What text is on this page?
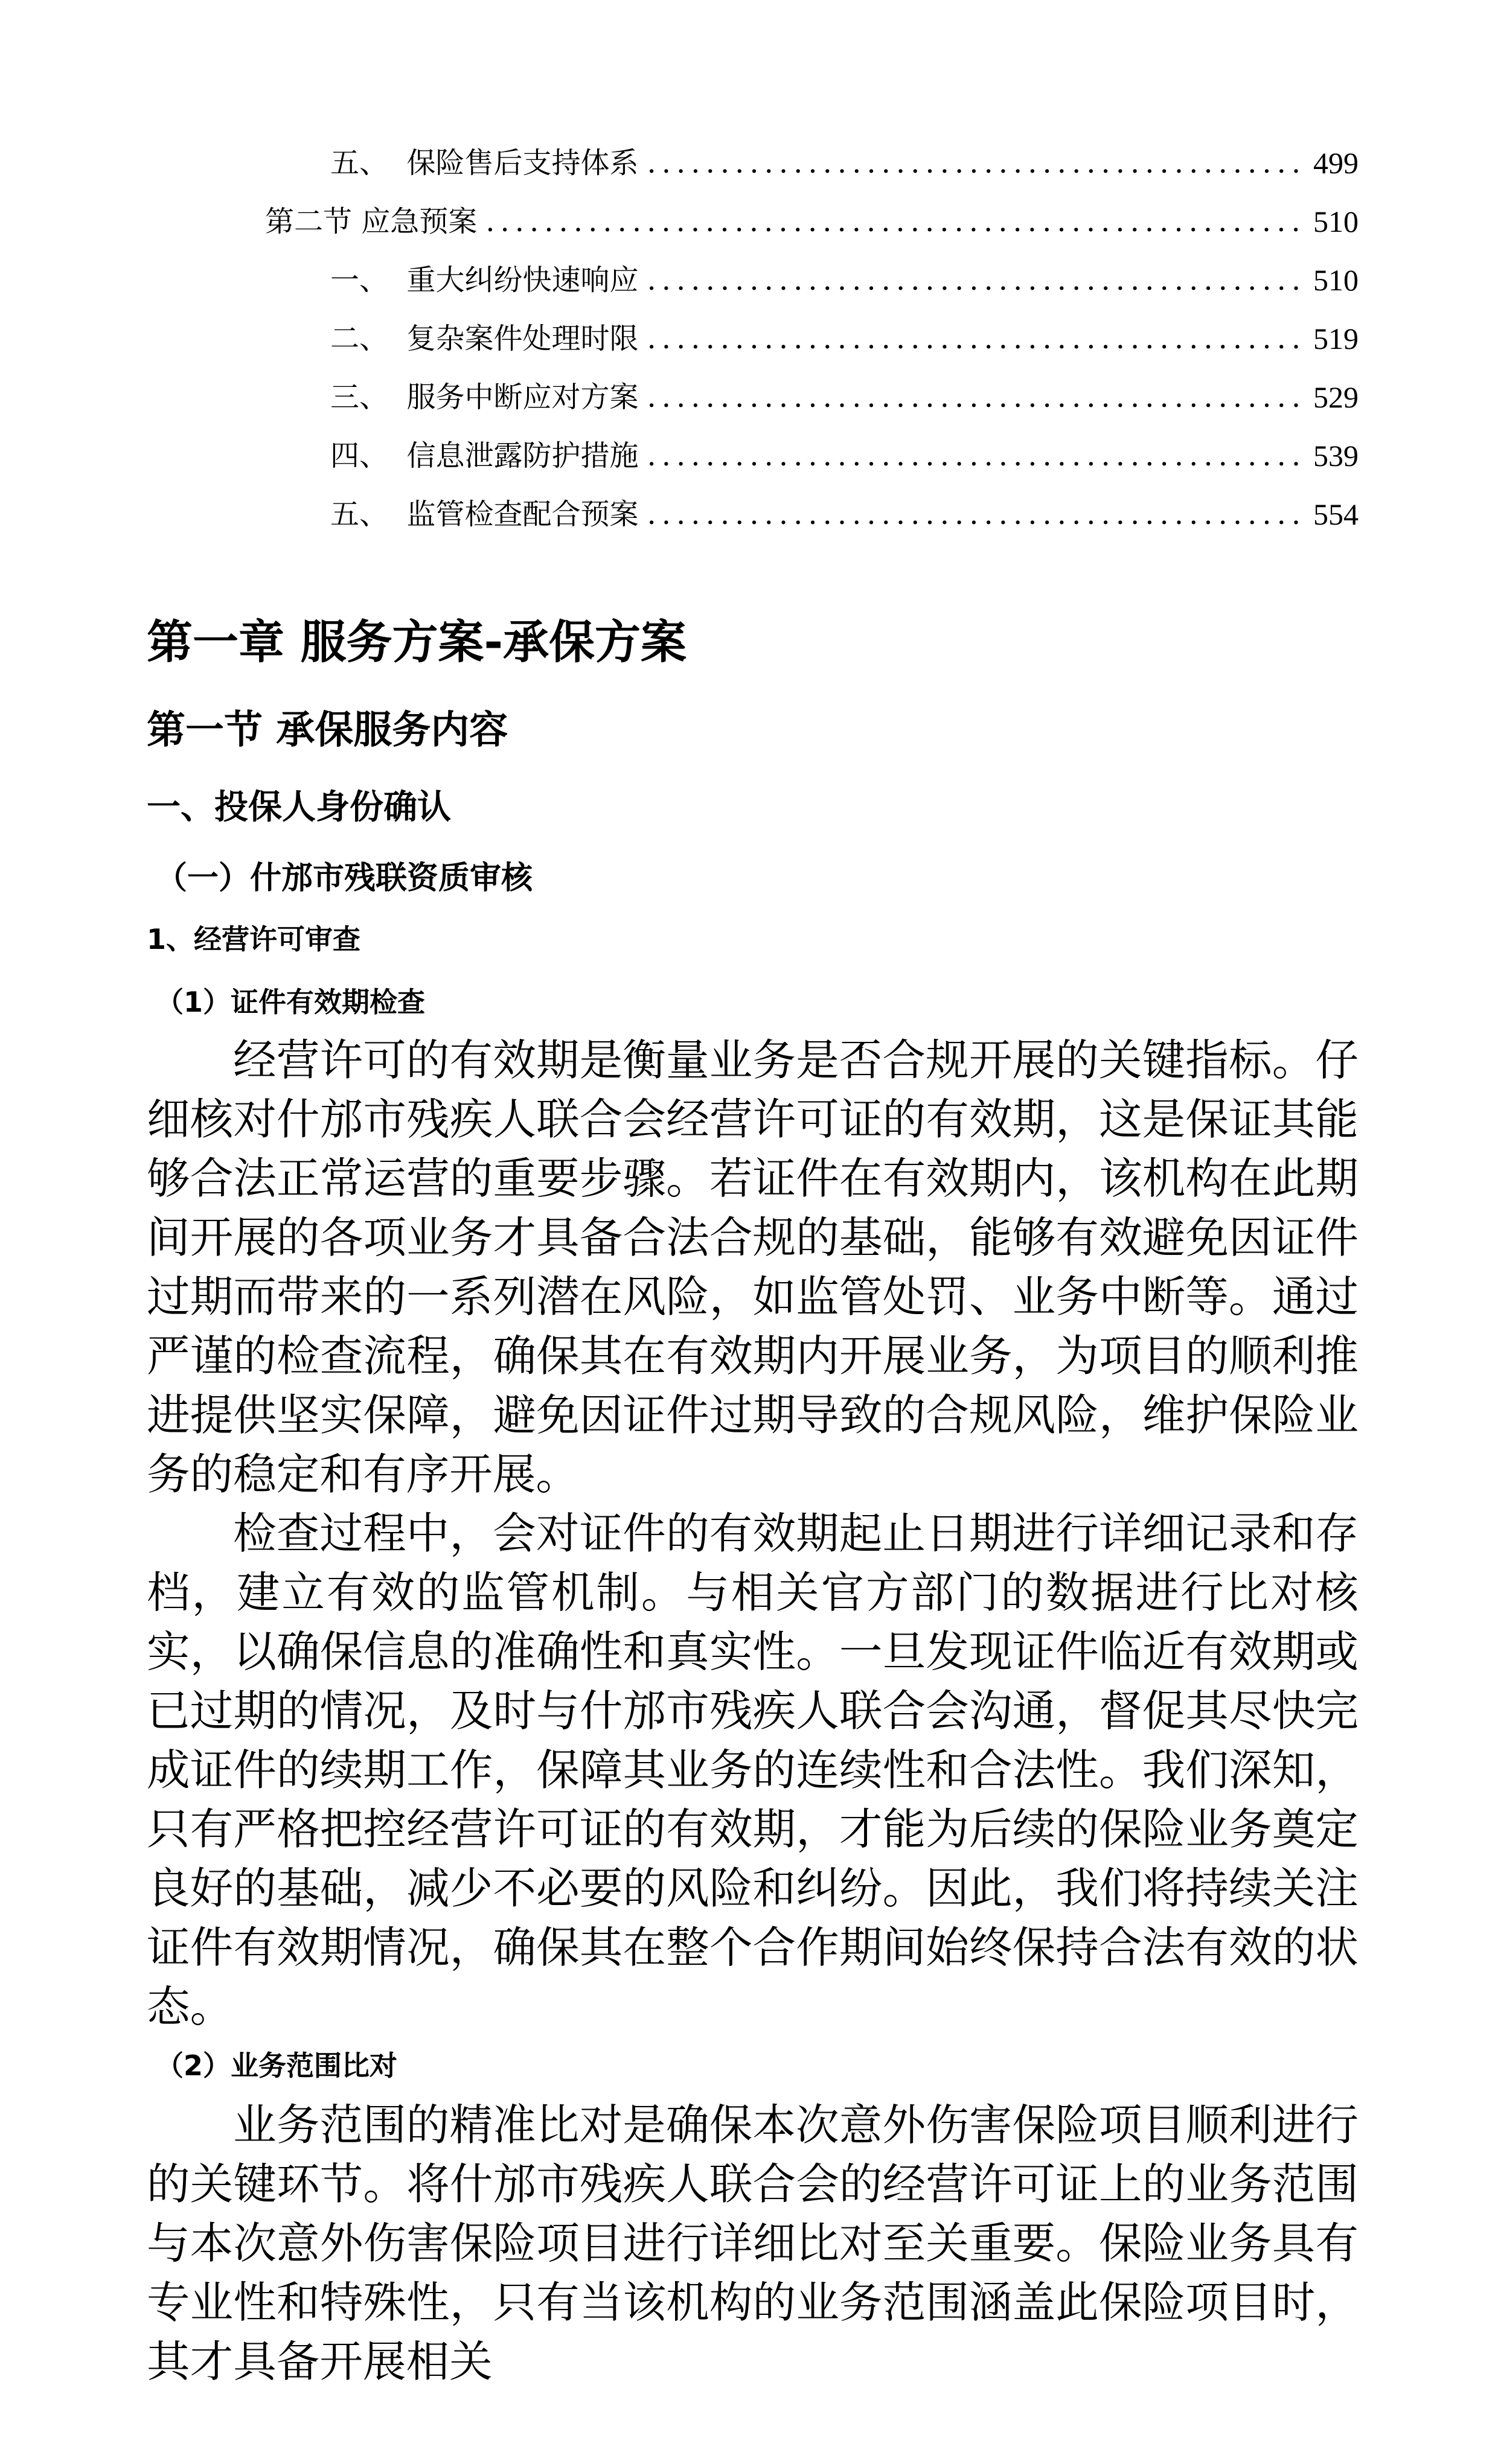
五、  保险售后支持体系 .....	499
第二节 应急预案 .....	510
一、  重大纠纷快速响应 .....	510
二、  复杂案件处理时限 .....	519
三、  服务中断应对方案 .....	529
四、  信息泄露防护措施 .....	539
五、  监管检查配合预案 .....	554
第一章 服务方案-承保方案
第一节 承保服务内容
一、投保人身份确认
（一）什邡市残联资质审核
1、经营许可审查
（1）证件有效期检查

经营许可的有效期是衡量业务是否合规开展的关键指标。仔细核对什邡市残疾人联合会经营许可证的有效期，这是保证其能够合法正常运营的重要步骤。若证件在有效期内，该机构在此期间开展的各项业务才具备合法合规的基础，能够有效避免因证件过期而带来的一系列潜在风险，如监管处罚、业务中断等。通过严谨的检查流程，确保其在有效期内开展业务，为项目的顺利推进提供坚实保障，避免因证件过期导致的合规风险，维护保险业务的稳定和有序开展。

检查过程中，会对证件的有效期起止日期进行详细记录和存档，建立有效的监管机制。与相关官方部门的数据进行比对核实，以确保信息的准确性和真实性。一旦发现证件临近有效期或已过期的情况，及时与什邡市残疾人联合会沟通，督促其尽快完成证件的续期工作，保障其业务的连续性和合法性。我们深知，只有严格把控经营许可证的有效期，才能为后续的保险业务奠定良好的基础，减少不必要的风险和纠纷。因此，我们将持续关注证件有效期情况，确保其在整个合作期间始终保持合法有效的状态。

（2）业务范围比对

业务范围的精准比对是确保本次意外伤害保险项目顺利进行的关键环节。将什邡市残疾人联合会的经营许可证上的业务范围与本次意外伤害保险项目进行详细比对至关重要。保险业务具有专业性和特殊性，只有当该机构的业务范围涵盖此保险项目时，其才具备开展相关
